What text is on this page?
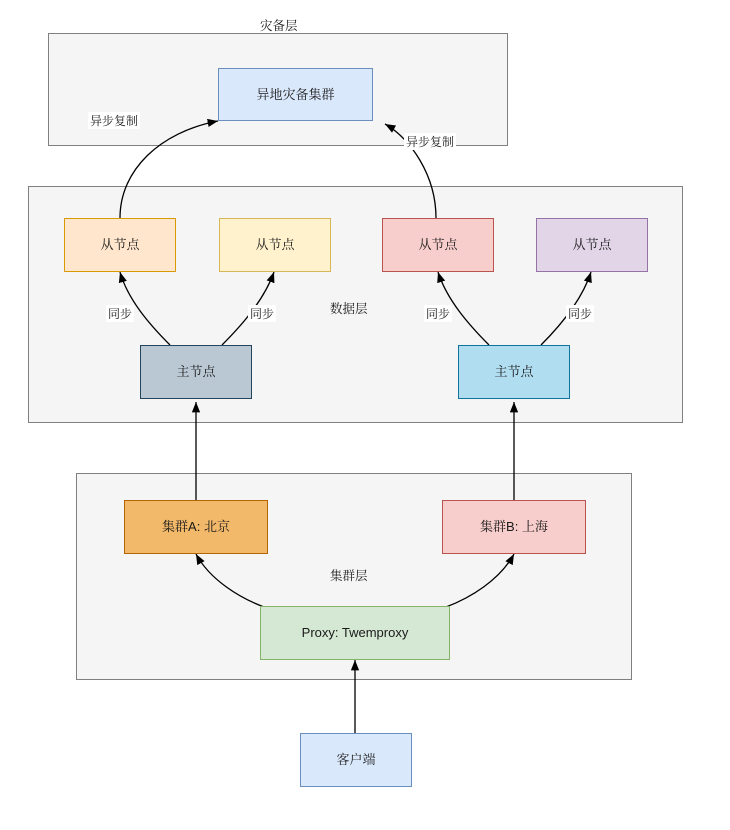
灾备层
数据层
集群层
异步复制
异步复制
同步	同步	同步	同步
异地灾备集群
从节点	从节点	从节点	从节点
主节点	主节点
集群A: 北京	集群B: 上海
Proxy: Twemproxy
客户端
